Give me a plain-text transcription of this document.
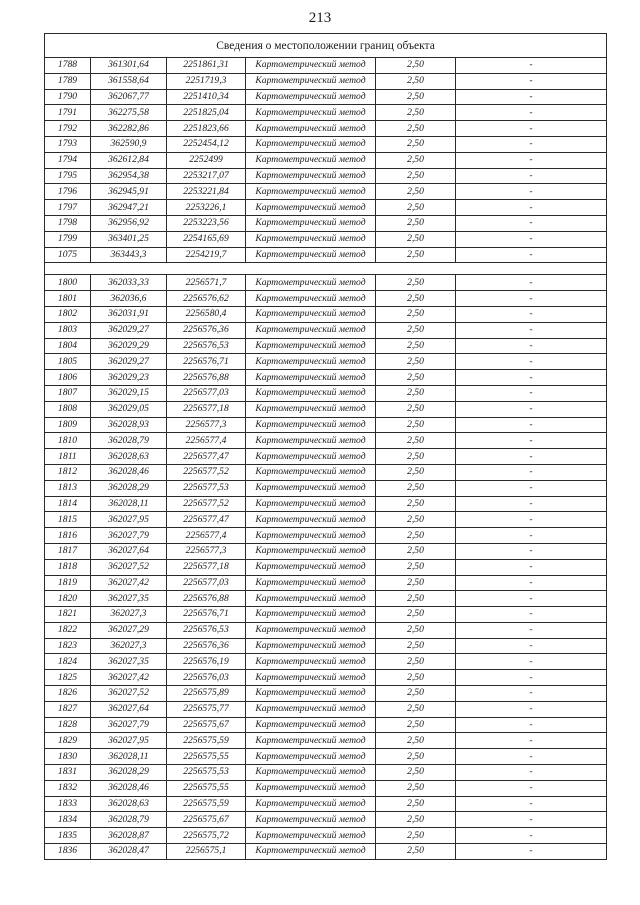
213
Сведения о местоположении границ объекта					
1788	361301,64	2251861,31	Картометрический метод	2,50	-
1789	361558,64	2251719,3	Картометрический метод	2,50	-
1790	362067,77	2251410,34	Картометрический метод	2,50	-
1791	362275,58	2251825,04	Картометрический метод	2,50	-
1792	362282,86	2251823,66	Картометрический метод	2,50	-
1793	362590,9	2252454,12	Картометрический метод	2,50	-
1794	362612,84	2252499	Картометрический метод	2,50	-
1795	362954,38	2253217,07	Картометрический метод	2,50	-
1796	362945,91	2253221,84	Картометрический метод	2,50	-
1797	362947,21	2253226,1	Картометрический метод	2,50	-
1798	362956,92	2253223,56	Картометрический метод	2,50	-
1799	363401,25	2254165,69	Картометрический метод	2,50	-
1075	363443,3	2254219,7	Картометрический метод	2,50	-

1800	362033,33	2256571,7	Картометрический метод	2,50	-
1801	362036,6	2256576,62	Картометрический метод	2,50	-
1802	362031,91	2256580,4	Картометрический метод	2,50	-
1803	362029,27	2256576,36	Картометрический метод	2,50	-
1804	362029,29	2256576,53	Картометрический метод	2,50	-
1805	362029,27	2256576,71	Картометрический метод	2,50	-
1806	362029,23	2256576,88	Картометрический метод	2,50	-
1807	362029,15	2256577,03	Картометрический метод	2,50	-
1808	362029,05	2256577,18	Картометрический метод	2,50	-
1809	362028,93	2256577,3	Картометрический метод	2,50	-
1810	362028,79	2256577,4	Картометрический метод	2,50	-
1811	362028,63	2256577,47	Картометрический метод	2,50	-
1812	362028,46	2256577,52	Картометрический метод	2,50	-
1813	362028,29	2256577,53	Картометрический метод	2,50	-
1814	362028,11	2256577,52	Картометрический метод	2,50	-
1815	362027,95	2256577,47	Картометрический метод	2,50	-
1816	362027,79	2256577,4	Картометрический метод	2,50	-
1817	362027,64	2256577,3	Картометрический метод	2,50	-
1818	362027,52	2256577,18	Картометрический метод	2,50	-
1819	362027,42	2256577,03	Картометрический метод	2,50	-
1820	362027,35	2256576,88	Картометрический метод	2,50	-
1821	362027,3	2256576,71	Картометрический метод	2,50	-
1822	362027,29	2256576,53	Картометрический метод	2,50	-
1823	362027,3	2256576,36	Картометрический метод	2,50	-
1824	362027,35	2256576,19	Картометрический метод	2,50	-
1825	362027,42	2256576,03	Картометрический метод	2,50	-
1826	362027,52	2256575,89	Картометрический метод	2,50	-
1827	362027,64	2256575,77	Картометрический метод	2,50	-
1828	362027,79	2256575,67	Картометрический метод	2,50	-
1829	362027,95	2256575,59	Картометрический метод	2,50	-
1830	362028,11	2256575,55	Картометрический метод	2,50	-
1831	362028,29	2256575,53	Картометрический метод	2,50	-
1832	362028,46	2256575,55	Картометрический метод	2,50	-
1833	362028,63	2256575,59	Картометрический метод	2,50	-
1834	362028,79	2256575,67	Картометрический метод	2,50	-
1835	362028,87	2256575,72	Картометрический метод	2,50	-
1836	362028,47	2256575,1	Картометрический метод	2,50	-
